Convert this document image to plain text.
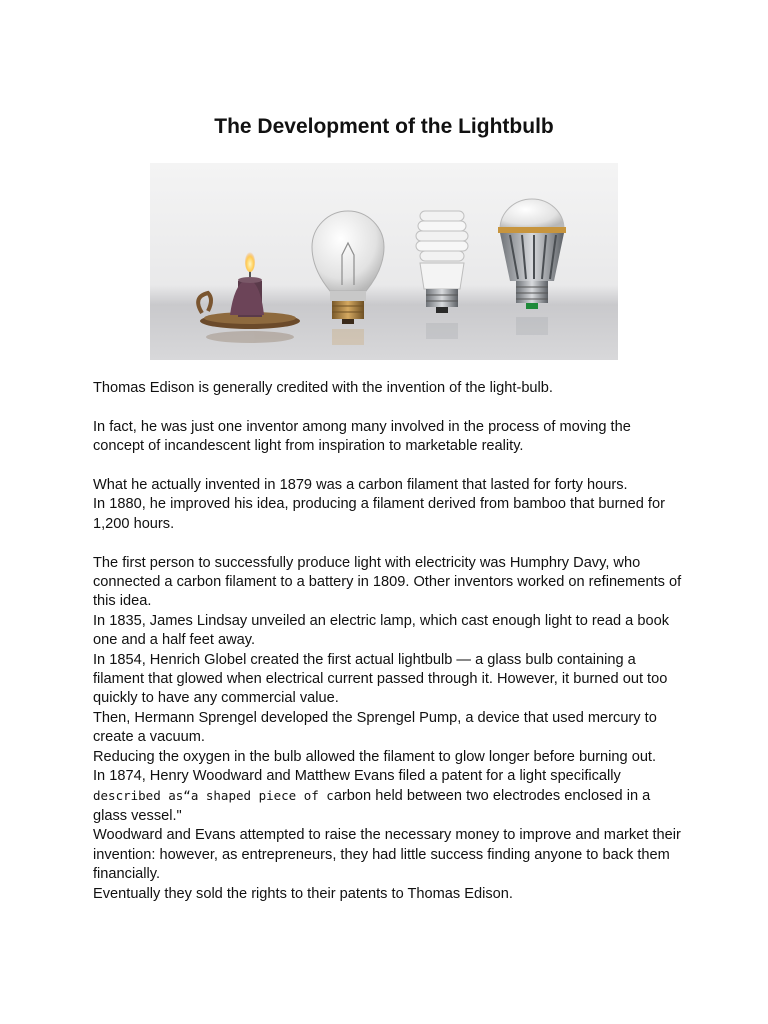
The Development of the Lightbulb

Thomas Edison is generally credited with the invention of the light-bulb.

In fact, he was just one inventor among many involved in the process of moving the concept of incandescent light from inspiration to marketable reality.

What he actually invented in 1879 was a carbon filament that lasted for forty hours.

In 1880, he improved his idea, producing a filament derived from bamboo that burned for 1,200 hours.

The first person to successfully produce light with electricity was Humphry Davy, who connected a carbon filament to a battery in 1809. Other inventors worked on refinements of this idea.

In 1835, James Lindsay unveiled an electric lamp, which cast enough light to read a book one and a half feet away.

In 1854, Henrich Globel created the first actual lightbulb — a glass bulb containing a filament that glowed when electrical current passed through it. However, it burned out too quickly to have any commercial value.

Then, Hermann Sprengel developed the Sprengel Pump, a device that used mercury to create a vacuum.

Reducing the oxygen in the bulb allowed the filament to glow longer before burning out.

In 1874, Henry Woodward and Matthew Evans filed a patent for a light specifically described as“a shaped piece of carbon held between two electrodes enclosed in a glass vessel."

Woodward and Evans attempted to raise the necessary money to improve and market their invention: however, as entrepreneurs, they had little success finding anyone to back them financially.

Eventually they sold the rights to their patents to Thomas Edison.
